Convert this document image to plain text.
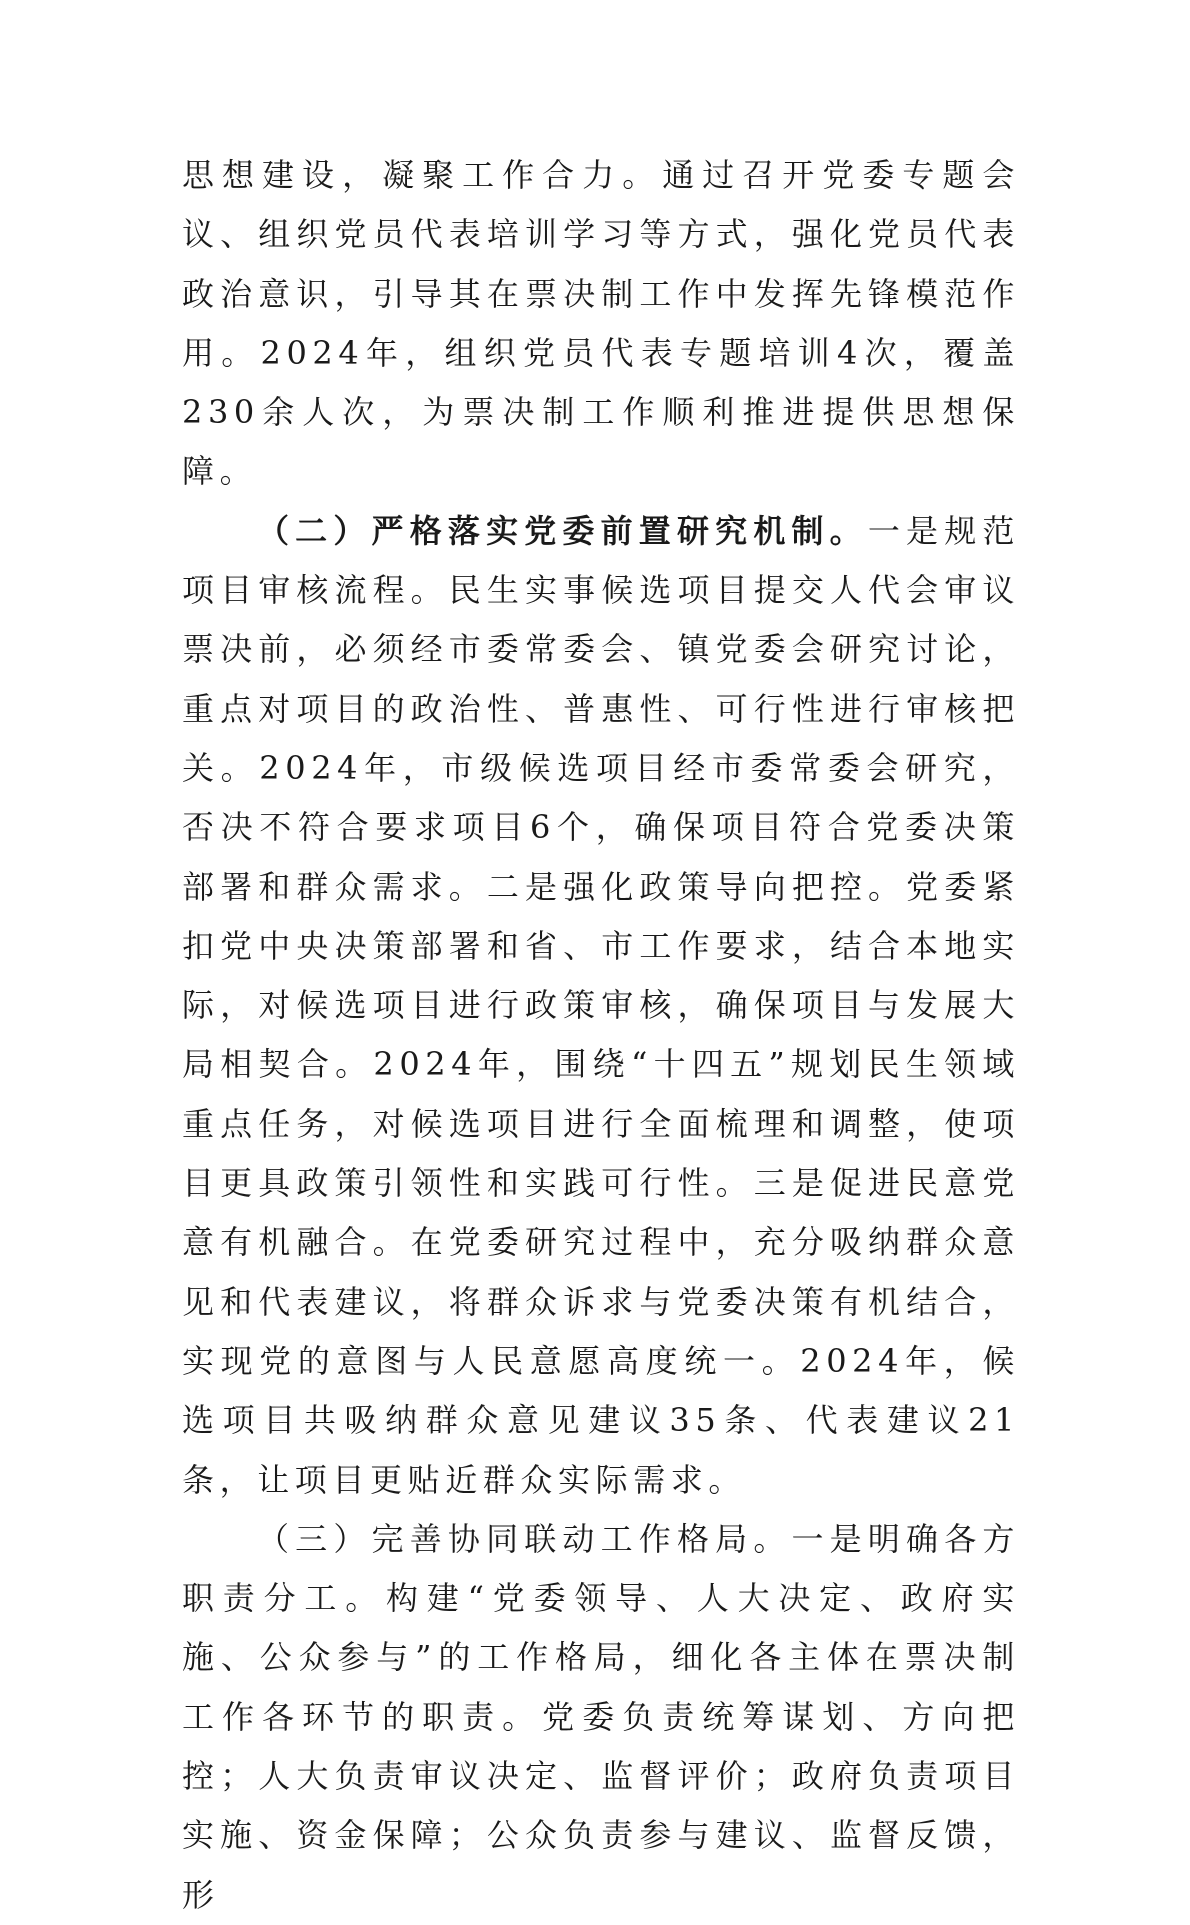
思想建设，凝聚工作合力。通过召开党委专题会议、组织党员代表培训学习等方式，强化党员代表政治意识，引导其在票决制工作中发挥先锋模范作用。2024年，组织党员代表专题培训4次，覆盖230余人次，为票决制工作顺利推进提供思想保障。

（二）严格落实党委前置研究机制。一是规范项目审核流程。民生实事候选项目提交人代会审议票决前，必须经市委常委会、镇党委会研究讨论，重点对项目的政治性、普惠性、可行性进行审核把关。2024年，市级候选项目经市委常委会研究，否决不符合要求项目6个，确保项目符合党委决策部署和群众需求。二是强化政策导向把控。党委紧扣党中央决策部署和省、市工作要求，结合本地实际，对候选项目进行政策审核，确保项目与发展大局相契合。2024年，围绕“十四五”规划民生领域重点任务，对候选项目进行全面梳理和调整，使项目更具政策引领性和实践可行性。三是促进民意党意有机融合。在党委研究过程中，充分吸纳群众意见和代表建议，将群众诉求与党委决策有机结合，实现党的意图与人民意愿高度统一。2024年，候选项目共吸纳群众意见建议35条、代表建议21条，让项目更贴近群众实际需求。

（三）完善协同联动工作格局。一是明确各方职责分工。构建“党委领导、人大决定、政府实施、公众参与”的工作格局，细化各主体在票决制工作各环节的职责。党委负责统筹谋划、方向把控；人大负责审议决定、监督评价；政府负责项目实施、资金保障；公众负责参与建议、监督反馈，形
